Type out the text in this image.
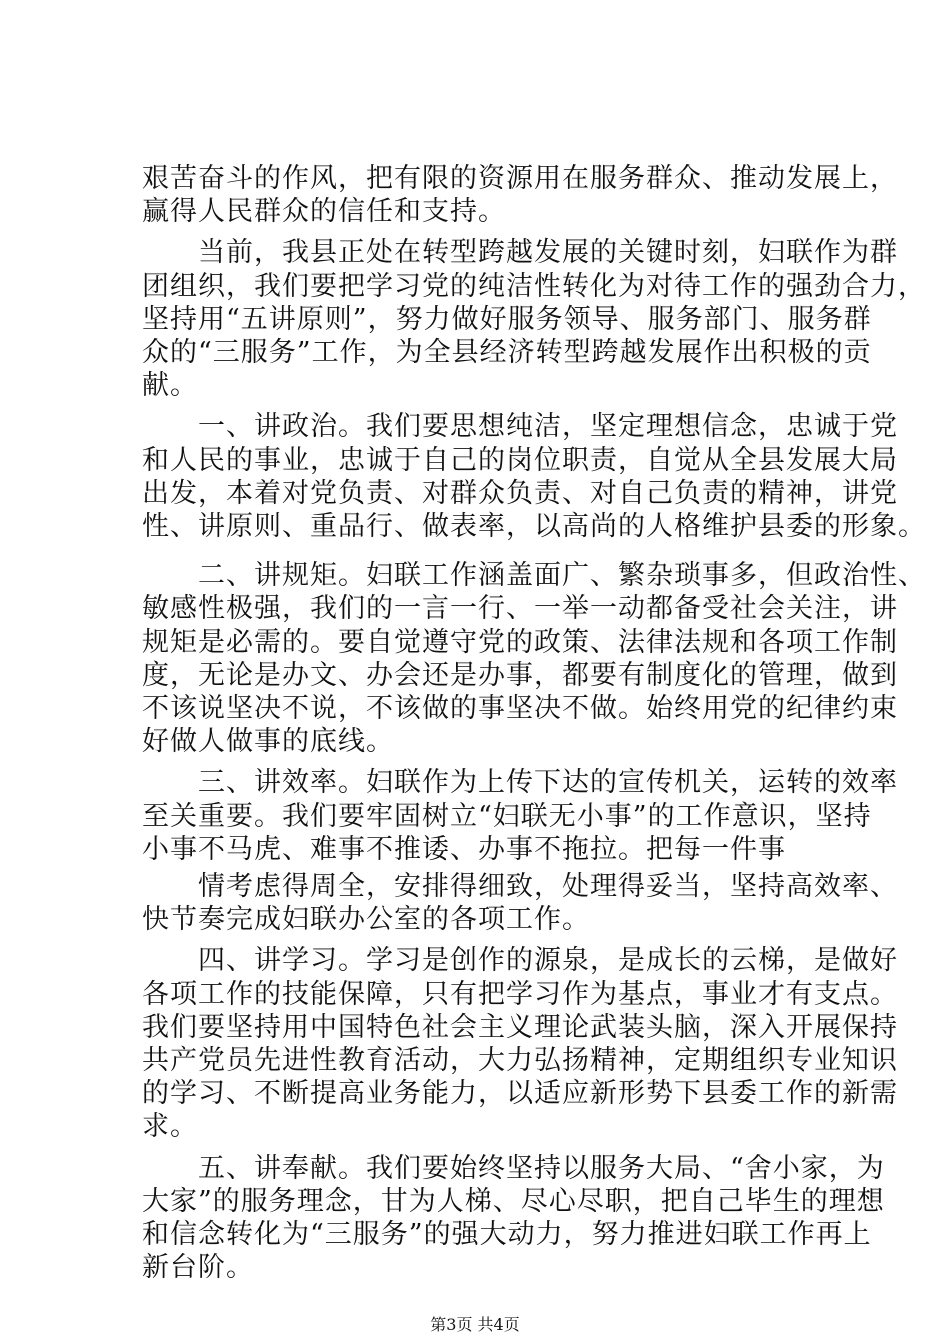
艰苦奋斗的作风，把有限的资源用在服务群众、推动发展上，
赢得人民群众的信任和支持。
　　当前，我县正处在转型跨越发展的关键时刻，妇联作为群
团组织，我们要把学习党的纯洁性转化为对待工作的强劲合力，
坚持用“五讲原则”，努力做好服务领导、服务部门、服务群
众的“三服务”工作，为全县经济转型跨越发展作出积极的贡
献。
　　一、讲政治。我们要思想纯洁，坚定理想信念，忠诚于党
和人民的事业，忠诚于自己的岗位职责，自觉从全县发展大局
出发，本着对党负责、对群众负责、对自己负责的精神，讲党
性、讲原则、重品行、做表率，以高尚的人格维护县委的形象。
　　二、讲规矩。妇联工作涵盖面广、繁杂琐事多，但政治性、
敏感性极强，我们的一言一行、一举一动都备受社会关注，讲
规矩是必需的。要自觉遵守党的政策、法律法规和各项工作制
度，无论是办文、办会还是办事，都要有制度化的管理，做到
不该说坚决不说，不该做的事坚决不做。始终用党的纪律约束
好做人做事的底线。
　　三、讲效率。妇联作为上传下达的宣传机关，运转的效率
至关重要。我们要牢固树立“妇联无小事”的工作意识，坚持
小事不马虎、难事不推诿、办事不拖拉。把每一件事
　　情考虑得周全，安排得细致，处理得妥当，坚持高效率、
快节奏完成妇联办公室的各项工作。
　　四、讲学习。学习是创作的源泉，是成长的云梯，是做好
各项工作的技能保障，只有把学习作为基点，事业才有支点。
我们要坚持用中国特色社会主义理论武装头脑，深入开展保持
共产党员先进性教育活动，大力弘扬精神，定期组织专业知识
的学习、不断提高业务能力，以适应新形势下县委工作的新需
求。
　　五、讲奉献。我们要始终坚持以服务大局、“舍小家，为
大家”的服务理念，甘为人梯、尽心尽职，把自己毕生的理想
和信念转化为“三服务”的强大动力，努力推进妇联工作再上
新台阶。
第3页 共4页
